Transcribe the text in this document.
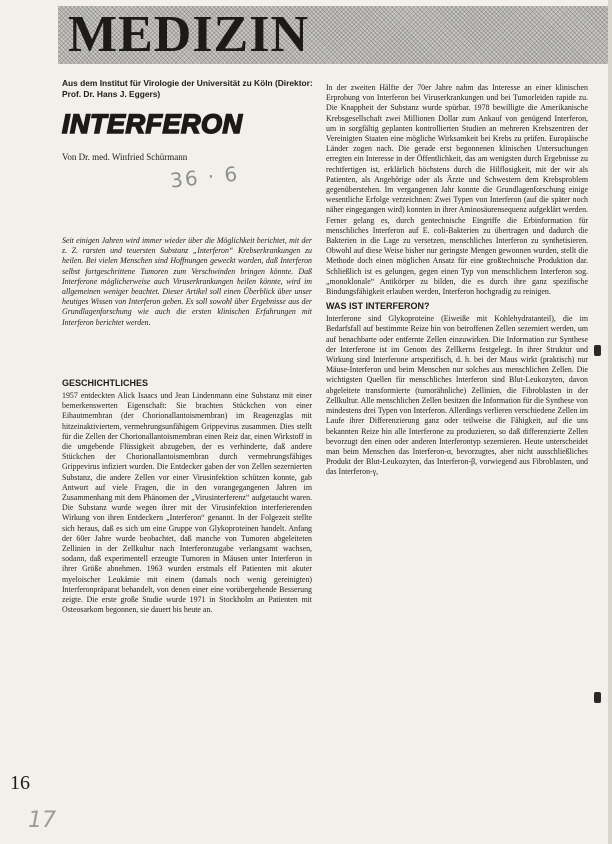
MEDIZIN

Aus dem Institut für Virologie der Universität zu Köln (Direktor: Prof. Dr. Hans J. Eggers)

INTERFERON
Von Dr. med. Winfried Schürmann
36 · 6

Seit einigen Jahren wird immer wieder über die Möglichkeit berichtet, mit der z. Z. rarsten und teuersten Substanz „Interferon“ Krebserkrankungen zu heilen. Bei vielen Menschen sind Hoffnungen geweckt worden, daß Interferon selbst fortgeschrittene Tumoren zum Verschwinden bringen könnte. Daß Interferone möglicherweise auch Viruserkrankungen heilen könnte, wird im allgemeinen weniger beachtet. Dieser Artikel soll einen Überblick über unser heutiges Wissen von Interferon geben. Es soll sowohl über Ergebnisse aus der Grundlagenforschung wie auch die ersten klinischen Erfahrungen mit Interferon berichtet werden.

GESCHICHTLICHES

1957 entdeckten Alick Isaacs und Jean Lindenmann eine Substanz mit einer bemerkenswerten Eigenschaft: Sie brachten Stückchen von einer Eihautmembran (der Chorionallantoismembran) im Reagenzglas mit hitzeinaktiviertem, vermehrungsunfähigem Grippevirus zusammen. Dies stellt für die Zellen der Chorionallantoismembran einen Reiz dar, einen Wirkstoff in die umgebende Flüssigkeit abzugeben, der es verhinderte, daß andere Stückchen der Chorionallantoismembran durch vermehrungsfähiges Grippevirus infiziert wurden. Die Entdecker gaben der von Zellen sezernierten Substanz, die andere Zellen vor einer Virusinfektion schützen konnte, gab Antwort auf viele Fragen, die in den vorangegangenen Jahren im Zusammenhang mit dem Phänomen der „Virusinterferenz“ aufgetaucht waren. Die Substanz wurde wegen ihrer mit der Virusinfektion interferierenden Wirkung von ihren Entdeckern „Interferon“ genannt. In der Folgezeit stellte sich heraus, daß es sich um eine Gruppe von Glykoproteinen handelt. Anfang der 60er Jahre wurde beobachtet, daß manche von Tumoren abgeleiteten Zellinien in der Zellkultur nach Interferonzugabe verlangsamt wachsen, sodann, daß experimentell erzeugte Tumoren in Mäusen unter Interferon in ihrer Größe abnehmen. 1963 wurden erstmals elf Patienten mit akuter myeloischer Leukämie mit einem (damals noch wenig gereinigten) Interferonpräparat behandelt, von denen einer eine vorübergehende Besserung zeigte. Die erste große Studie wurde 1971 in Stockholm an Patienten mit Osteosarkom begonnen, sie dauert bis heute an.

In der zweiten Hälfte der 70er Jahre nahm das Interesse an einer klinischen Erprobung von Interferon bei Viruserkrankungen und bei Tumorleiden rapide zu. Die Knappheit der Substanz wurde spürbar. 1978 bewilligte die Amerikanische Krebsgesellschaft zwei Millionen Dollar zum Ankauf von genügend Interferon, um in sorgfältig geplanten kontrollierten Studien an mehreren Krebszentren der Vereinigten Staaten eine mögliche Wirksamkeit bei Krebs zu prüfen. Europäische Länder zogen nach. Die gerade erst begonnenen klinischen Untersuchungen erregten ein Interesse in der Öffentlichkeit, das am wenigsten durch Ergebnisse zu rechtfertigen ist, erklärlich höchstens durch die Hilflosigkeit, mit der wir als Patienten, als Angehörige oder als Ärzte und Schwestern dem Krebsproblem gegenüberstehen. Im vergangenen Jahr konnte die Grundlagenforschung einige wesentliche Erfolge verzeichnen: Zwei Typen von Interferon (auf die später noch näher eingegangen wird) konnten in ihrer Aminosäurensequenz aufgeklärt werden. Ferner gelang es, durch gentechnische Eingriffe die Erbinformation für menschliches Interferon auf E. coli-Bakterien zu übertragen und dadurch die Bakterien in die Lage zu versetzen, menschliches Interferon zu synthetisieren. Obwohl auf diese Weise bisher nur geringste Mengen gewonnen wurden, stellt die Methode doch einen möglichen Ansatz für eine großtechnische Produktion dar. Schließlich ist es gelungen, gegen einen Typ von menschlichem Interferon sog. „monoklonale“ Antikörper zu bilden, die es durch ihre ganz spezifische Bindungsfähigkeit erlauben werden, Interferon hochgradig zu reinigen.

WAS IST INTERFERON?

Interferone sind Glykoproteine (Eiweiße mit Kohlehydratanteil), die im Bedarfsfall auf bestimmte Reize hin von betroffenen Zellen sezerniert werden, um auf benachbarte oder entfernte Zellen einzuwirken. Die Information zur Synthese der Interferone ist im Genom des Zellkerns festgelegt. In ihrer Struktur und Wirkung sind Interferone artspezifisch, d. h. bei der Maus wirkt (praktisch) nur Mäuse-Interferon und beim Menschen nur solches aus menschlichen Zellen. Die wichtigsten Quellen für menschliches Interferon sind Blut-Leukozyten, davon abgeleitete transformierte (tumorähnliche) Zellinien, die Fibroblasten in der Zellkultur. Alle menschlichen Zellen besitzen die Information für die Synthese von mindestens drei Typen von Interferon. Allerdings verlieren verschiedene Zellen im Laufe ihrer Differenzierung ganz oder teilweise die Fähigkeit, auf die uns bekannten Reize hin alle Interferone zu produzieren, so daß differenzierte Zellen bevorzugt den einen oder anderen Interferontyp sezernieren. Heute unterscheidet man beim Menschen das Interferon-α, bevorzugtes, aber nicht ausschließliches Produkt der Blut-Leukozyten, das Interferon-β, vorwiegend aus Fibroblasten, und das Interferon-γ,

16
17
